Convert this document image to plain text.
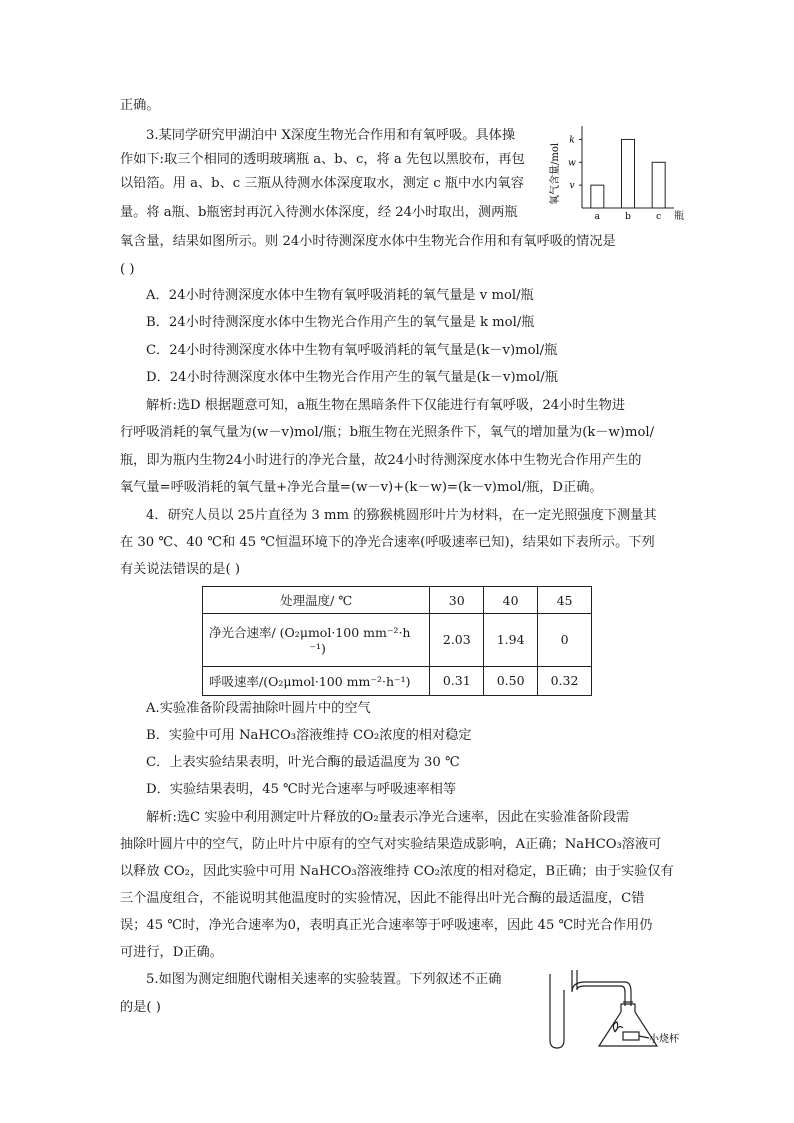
正确。
3.某同学研究甲湖泊中 X深度生物光合作用和有氧呼吸。具体操
作如下:取三个相同的透明玻璃瓶 a、b、c，将 a 先包以黑胶布，再包
以铅箔。用 a、b、c 三瓶从待测水体深度取水，测定 c 瓶中水内氧容
量。将 a瓶、b瓶密封再沉入待测水体深度，经 24小时取出，测两瓶
氧含量，结果如图所示。则 24小时待测深度水体中生物光合作用和有氧呼吸的情况是
( )
A．24小时待测深度水体中生物有氧呼吸消耗的氧气量是 v mol/瓶
B．24小时待测深度水体中生物光合作用产生的氧气量是 k mol/瓶
C．24小时待测深度水体中生物有氧呼吸消耗的氧气量是(k－v)mol/瓶
D．24小时待测深度水体中生物光合作用产生的氧气量是(k－v)mol/瓶
解析:选D 根据题意可知，a瓶生物在黑暗条件下仅能进行有氧呼吸，24小时生物进
行呼吸消耗的氧气量为(w－v)mol/瓶；b瓶生物在光照条件下，氧气的增加量为(k－w)mol/
瓶，即为瓶内生物24小时进行的净光合量，故24小时待测深度水体中生物光合作用产生的
氧气量=呼吸消耗的氧气量+净光合量=(w－v)+(k－w)=(k－v)mol/瓶，D正确。
4．研究人员以 25片直径为 3 mm 的猕猴桃圆形叶片为材料，在一定光照强度下测量其
在 30 ℃、40 ℃和 45 ℃恒温环境下的净光合速率(呼吸速率已知)，结果如下表所示。下列
有关说法错误的是( )
处理温度/ ℃	30	40	45

净光合速率/ (O₂μmol·100 mm⁻²·h
⁻¹)	2.03	1.94	0
呼吸速率/(O₂μmol·100 mm⁻²·h⁻¹)	0.31	0.50	0.32
A.实验准备阶段需抽除叶圆片中的空气
B．实验中可用 NaHCO₃溶液维持 CO₂浓度的相对稳定
C．上表实验结果表明，叶光合酶的最适温度为 30 ℃
D．实验结果表明，45 ℃时光合速率与呼吸速率相等
解析:选C 实验中利用测定叶片释放的O₂量表示净光合速率，因此在实验准备阶段需
抽除叶圆片中的空气，防止叶片中原有的空气对实验结果造成影响，A正确；NaHCO₃溶液可
以释放 CO₂，因此实验中可用 NaHCO₃溶液维持 CO₂浓度的相对稳定，B正确；由于实验仅有
三个温度组合，不能说明其他温度时的实验情况，因此不能得出叶光合酶的最适温度，C错
误；45 ℃时，净光合速率为0，表明真正光合速率等于呼吸速率，因此 45 ℃时光合作用仍
可进行，D正确。
5.如图为测定细胞代谢相关速率的实验装置。下列叙述不正确
的是( )
氧气含量/mol
k
w
v
a	b	c 瓶
小烧杯
